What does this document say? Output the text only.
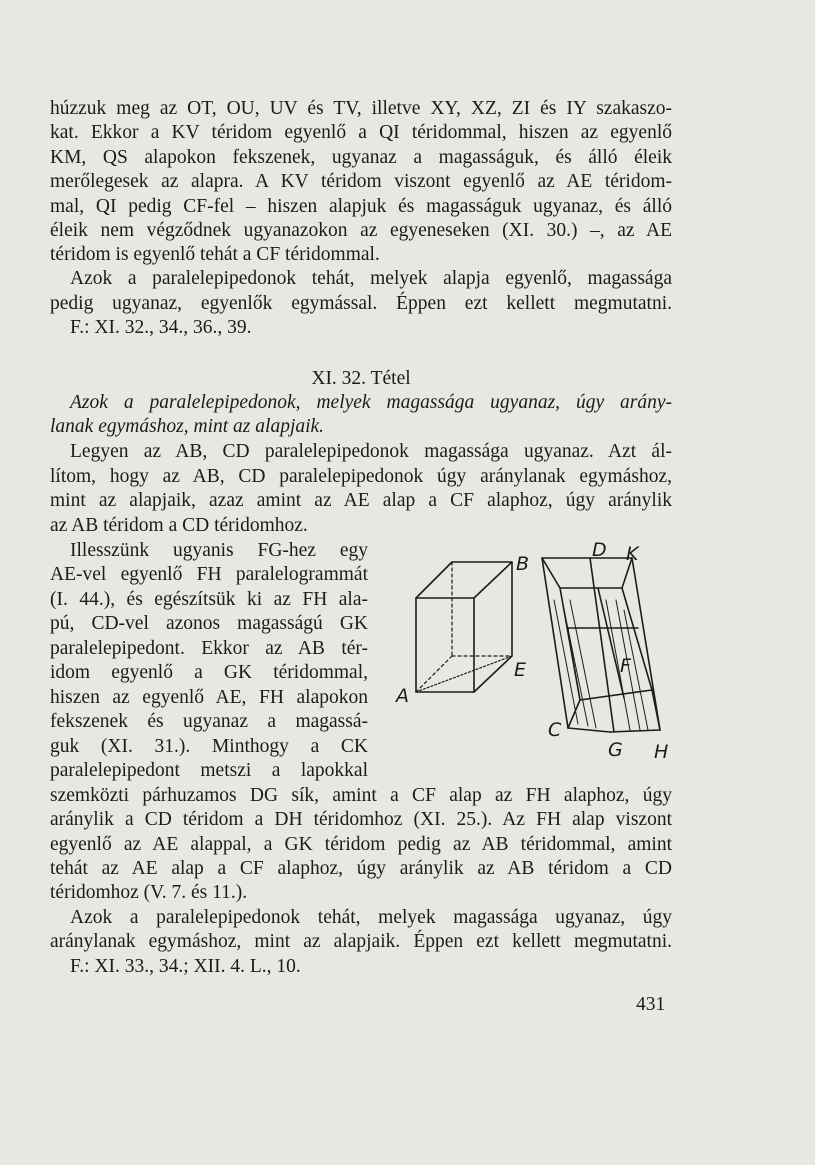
húzzuk meg az OT, OU, UV és TV, illetve XY, XZ, ZI és IY szakaszo-
kat. Ekkor a KV téridom egyenlő a QI téridommal, hiszen az egyenlő
KM, QS alapokon fekszenek, ugyanaz a magasságuk, és álló éleik
merőlegesek az alapra. A KV téridom viszont egyenlő az AE téridom-
mal, QI pedig CF-fel – hiszen alapjuk és magasságuk ugyanaz, és álló
éleik nem végződnek ugyanazokon az egyeneseken (XI. 30.) –, az AE
téridom is egyenlő tehát a CF téridommal.
Azok a paralelepipedonok tehát, melyek alapja egyenlő, magassága
pedig ugyanaz, egyenlők egymással. Éppen ezt kellett megmutatni.
F.: XI. 32., 34., 36., 39.
XI. 32. Tétel
Azok a paralelepipedonok, melyek magassága ugyanaz, úgy arány-
lanak egymáshoz, mint az alapjaik.
Legyen az AB, CD paralelepipedonok magassága ugyanaz. Azt ál-
lítom, hogy az AB, CD paralelepipedonok úgy aránylanak egymáshoz,
mint az alapjaik, azaz amint az AE alap a CF alaphoz, úgy aránylik
az AB téridom a CD téridomhoz.
Illesszünk ugyanis FG-hez egy
AE-vel egyenlő FH paralelogrammát
(I. 44.), és egészítsük ki az FH ala-
pú, CD-vel azonos magasságú GK
paralelepipedont. Ekkor az AB tér-
idom egyenlő a GK téridommal,
hiszen az egyenlő AE, FH alapokon
fekszenek és ugyanaz a magassá-
guk (XI. 31.). Minthogy a CK
paralelepipedont metszi a lapokkal
szemközti párhuzamos DG sík, amint a CF alap az FH alaphoz, úgy
aránylik a CD téridom a DH téridomhoz (XI. 25.). Az FH alap viszont
egyenlő az AE alappal, a GK téridom pedig az AB téridommal, amint
tehát az AE alap a CF alaphoz, úgy aránylik az AB téridom a CD
téridomhoz (V. 7. és 11.).
Azok a paralelepipedonok tehát, melyek magassága ugyanaz, úgy
aránylanak egymáshoz, mint az alapjaik. Éppen ezt kellett megmutatni.
F.: XI. 33., 34.; XII. 4. L., 10.
A
B
E
C
D K
F
G H
431
